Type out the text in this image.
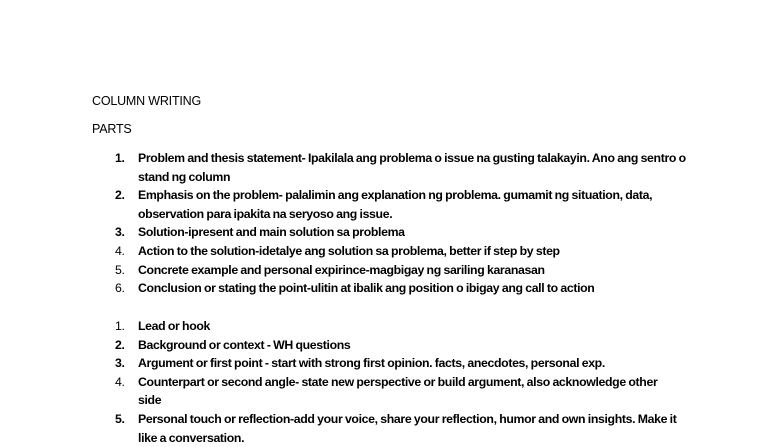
COLUMN WRITING
PARTS
1.	Problem and thesis statement- Ipakilala ang problema o issue na gusting talakayin. Ano ang sentro o stand ng column
2.	Emphasis on the problem- palalimin ang explanation ng problema. gumamit ng situation, data, observation para ipakita na seryoso ang issue.
3.	Solution-ipresent and main solution sa problema
4.	Action to the solution-idetalye ang solution sa problema, better if step by step
5.	Concrete example and personal expirince-magbigay ng sariling karanasan
6.	Conclusion or stating the point-ulitin at ibalik ang position o ibigay ang call to action
1.	Lead or hook
2.	Background or context - WH questions
3.	Argument or first point - start with strong first opinion. facts, anecdotes, personal exp.
4.	Counterpart or second angle- state new perspective or build argument, also acknowledge other side
5.	Personal touch or reflection-add your voice, share your reflection, humor and own insights. Make it like a conversation.
